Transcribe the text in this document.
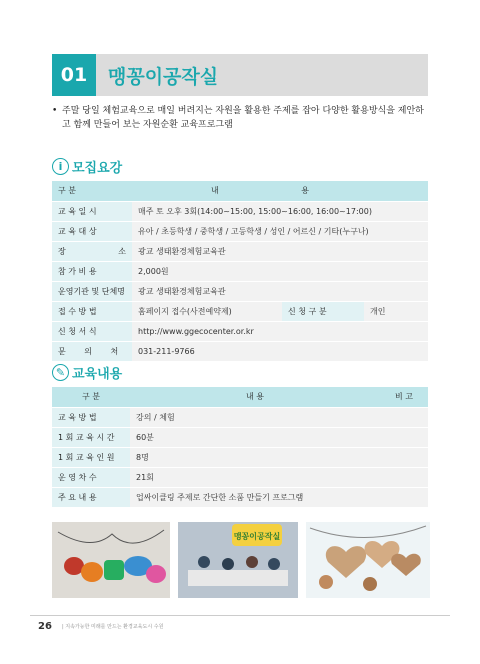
01	맹꽁이공작실
• 주말 당일 체험교육으로 매일 버려지는 자원을 활용한 주제를 잡아 다양한 활용방식을 제안하고 함께 만들어 보는 자원순환 교육프로그램
i 모집요강
구 분	내 용		
교 육 일 시	매주 토 오후 3회(14:00~15:00, 15:00~16:00, 16:00~17:00)		
교 육 대 상	유아 / 초등학생 / 중학생 / 고등학생 / 성인 / 어르신 / 기타(누구나)		
장 소	광교 생태환경체험교육관		
참 가 비 용	2,000원		
운영기관 및 단체명	광교 생태환경체험교육관		
접 수 방 법	홈페이지 접수(사전예약제)	신 청 구 분	개인
신 청 서 식	http://www.ggecocenter.or.kr		
문 의 처	031-211-9766		
✎ 교육내용
구 분	내 용	비 고
교 육 방 법	강의 / 체험	
1 회 교 육 시 간	60분	
1 회 교 육 인 원	8명	
운 영 차 수	21회	
주 요 내 용	업싸이클링 주제로 간단한 소품 만들기 프로그램	
맹꽁이공작실
26 | 지속가능한 미래를 만드는 환경교육도시 수원
